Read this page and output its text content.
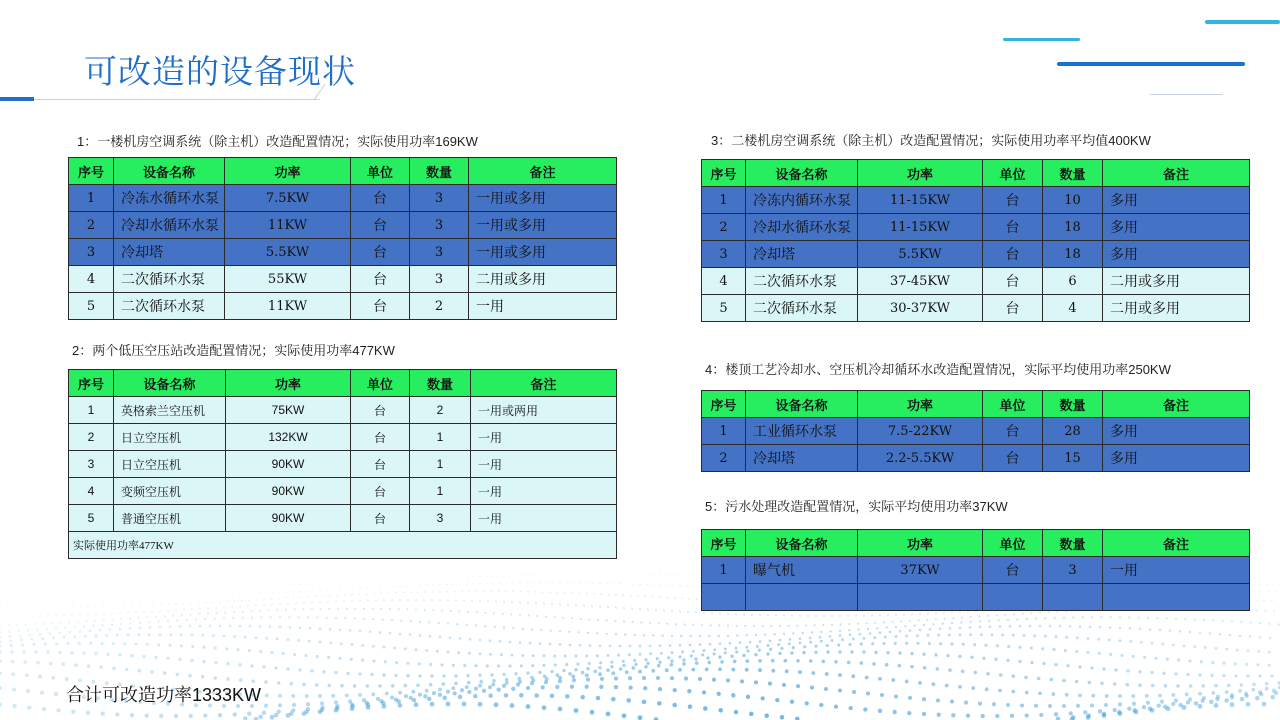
可改造的设备现状
1：一楼机房空调系统（除主机）改造配置情况；实际使用功率169KW
序号	设备名称	功率	单位	数量	备注
1	冷冻水循环水泵	7.5KW	台	3	一用或多用
2	冷却水循环水泵	11KW	台	3	一用或多用
3	冷却塔	5.5KW	台	3	一用或多用
4	二次循环水泵	55KW	台	3	二用或多用
5	二次循环水泵	11KW	台	2	一用
2：两个低压空压站改造配置情况；实际使用功率477KW
序号	设备名称	功率	单位	数量	备注
1	英格索兰空压机	75KW	台	2	一用或两用
2	日立空压机	132KW	台	1	一用
3	日立空压机	90KW	台	1	一用
4	变频空压机	90KW	台	1	一用
5	普通空压机	90KW	台	3	一用
实际使用功率477KW					
3：二楼机房空调系统（除主机）改造配置情况；实际使用功率平均值400KW
序号	设备名称	功率	单位	数量	备注
1	冷冻内循环水泵	11-15KW	台	10	多用
2	冷却水循环水泵	11-15KW	台	18	多用
3	冷却塔	5.5KW	台	18	多用
4	二次循环水泵	37-45KW	台	6	二用或多用
5	二次循环水泵	30-37KW	台	4	二用或多用
4：楼顶工艺冷却水、空压机冷却循环水改造配置情况，实际平均使用功率250KW
序号	设备名称	功率	单位	数量	备注
1	工业循环水泵	7.5-22KW	台	28	多用
2	冷却塔	2.2-5.5KW	台	15	多用
5：污水处理改造配置情况，实际平均使用功率37KW
序号	设备名称	功率	单位	数量	备注
1	曝气机	37KW	台	3	一用

合计可改造功率1333KW
